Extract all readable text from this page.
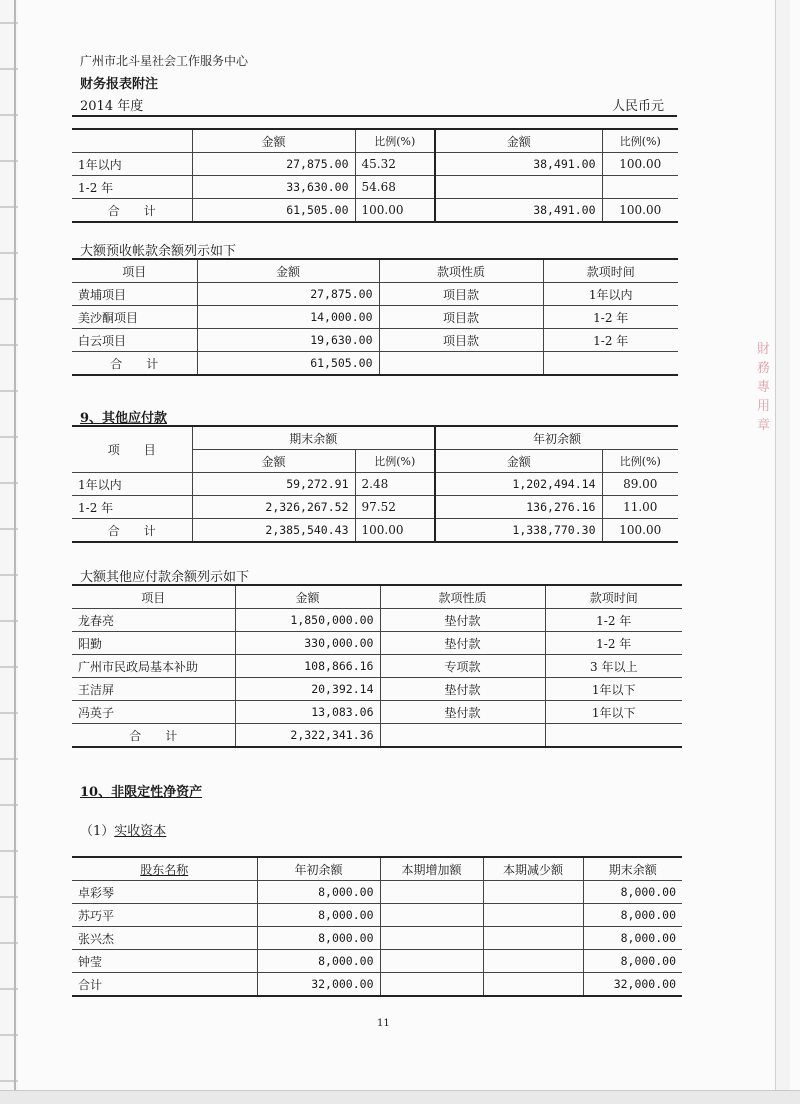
財
務
專
用
章
广州市北斗星社会工作服务中心
财务报表附注
2014 年度	人民币元
	金额	比例(%)	金额	比例(%)
1年以内	27,875.00	45.32	38,491.00	100.00
1-2 年	33,630.00	54.68		
合　　计	61,505.00	100.00	38,491.00	100.00
大额预收帐款余额列示如下
项目	金额	款项性质	款项时间
黄埔项目	27,875.00	项目款	1年以内
美沙酮项目	14,000.00	项目款	1-2 年
白云项目	19,630.00	项目款	1-2 年
合　　计	61,505.00		
9、其他应付款
项　　目	期末余额		年初余额	
	金额	比例(%)	金额	比例(%)
1年以内	59,272.91	2.48	1,202,494.14	89.00
1-2 年	2,326,267.52	97.52	136,276.16	11.00
合　　计	2,385,540.43	100.00	1,338,770.30	100.00
大额其他应付款余额列示如下
项目	金额	款项性质	款项时间
龙春亮	1,850,000.00	垫付款	1-2 年
阳勤	330,000.00	垫付款	1-2 年
广州市民政局基本补助	108,866.16	专项款	3 年以上
王洁屏	20,392.14	垫付款	1年以下
冯英子	13,083.06	垫付款	1年以下
合　　计	2,322,341.36		
10、非限定性净资产
（1）实收资本
股东名称	年初余额	本期增加额	本期减少额	期末余额
卓彩琴	8,000.00			8,000.00
苏巧平	8,000.00			8,000.00
张兴杰	8,000.00			8,000.00
钟莹	8,000.00			8,000.00
合计	32,000.00			32,000.00
11
